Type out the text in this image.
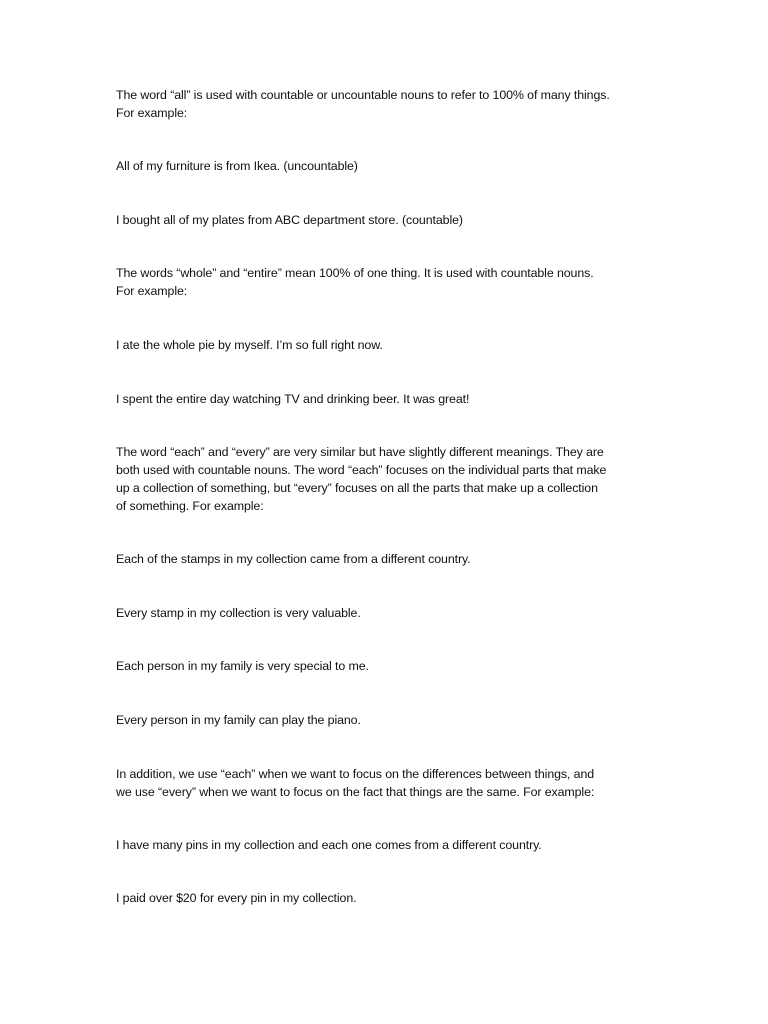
The word “all” is used with countable or uncountable nouns to refer to 100% of many things.
For example:

All of my furniture is from Ikea. (uncountable)

I bought all of my plates from ABC department store. (countable)

The words “whole” and “entire” mean 100% of one thing. It is used with countable nouns.
For example:

I ate the whole pie by myself. I’m so full right now.

I spent the entire day watching TV and drinking beer. It was great!

The word “each” and “every” are very similar but have slightly different meanings. They are
both used with countable nouns. The word “each” focuses on the individual parts that make
up a collection of something, but “every” focuses on all the parts that make up a collection
of something. For example:

Each of the stamps in my collection came from a different country.

Every stamp in my collection is very valuable.

Each person in my family is very special to me.

Every person in my family can play the piano.

In addition, we use “each” when we want to focus on the differences between things, and
we use “every” when we want to focus on the fact that things are the same. For example:

I have many pins in my collection and each one comes from a different country.

I paid over $20 for every pin in my collection.
